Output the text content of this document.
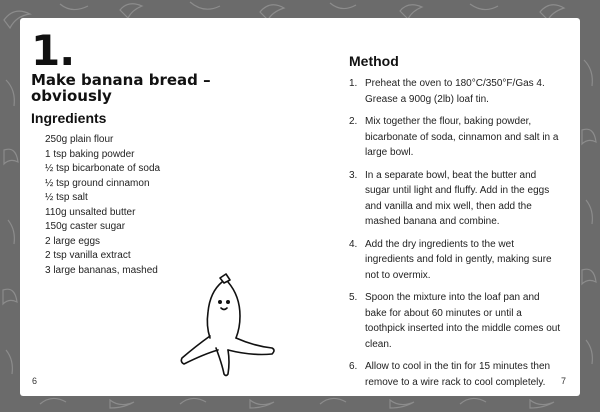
1.
Make banana bread – obviously
Ingredients
250g plain flour
1 tsp baking powder
½ tsp bicarbonate of soda
½ tsp ground cinnamon
½ tsp salt
110g unsalted butter
150g caster sugar
2 large eggs
2 tsp vanilla extract
3 large bananas, mashed
Method
1. Preheat the oven to 180°C/350°F/Gas 4. Grease a 900g (2lb) loaf tin.
2. Mix together the flour, baking powder, bicarbonate of soda, cinnamon and salt in a large bowl.
3. In a separate bowl, beat the butter and sugar until light and fluffy. Add in the eggs and vanilla and mix well, then add the mashed banana and combine.
4. Add the dry ingredients to the wet ingredients and fold in gently, making sure not to overmix.
5. Spoon the mixture into the loaf pan and bake for about 60 minutes or until a toothpick inserted into the middle comes out clean.
6. Allow to cool in the tin for 15 minutes then remove to a wire rack to cool completely.
6	7
